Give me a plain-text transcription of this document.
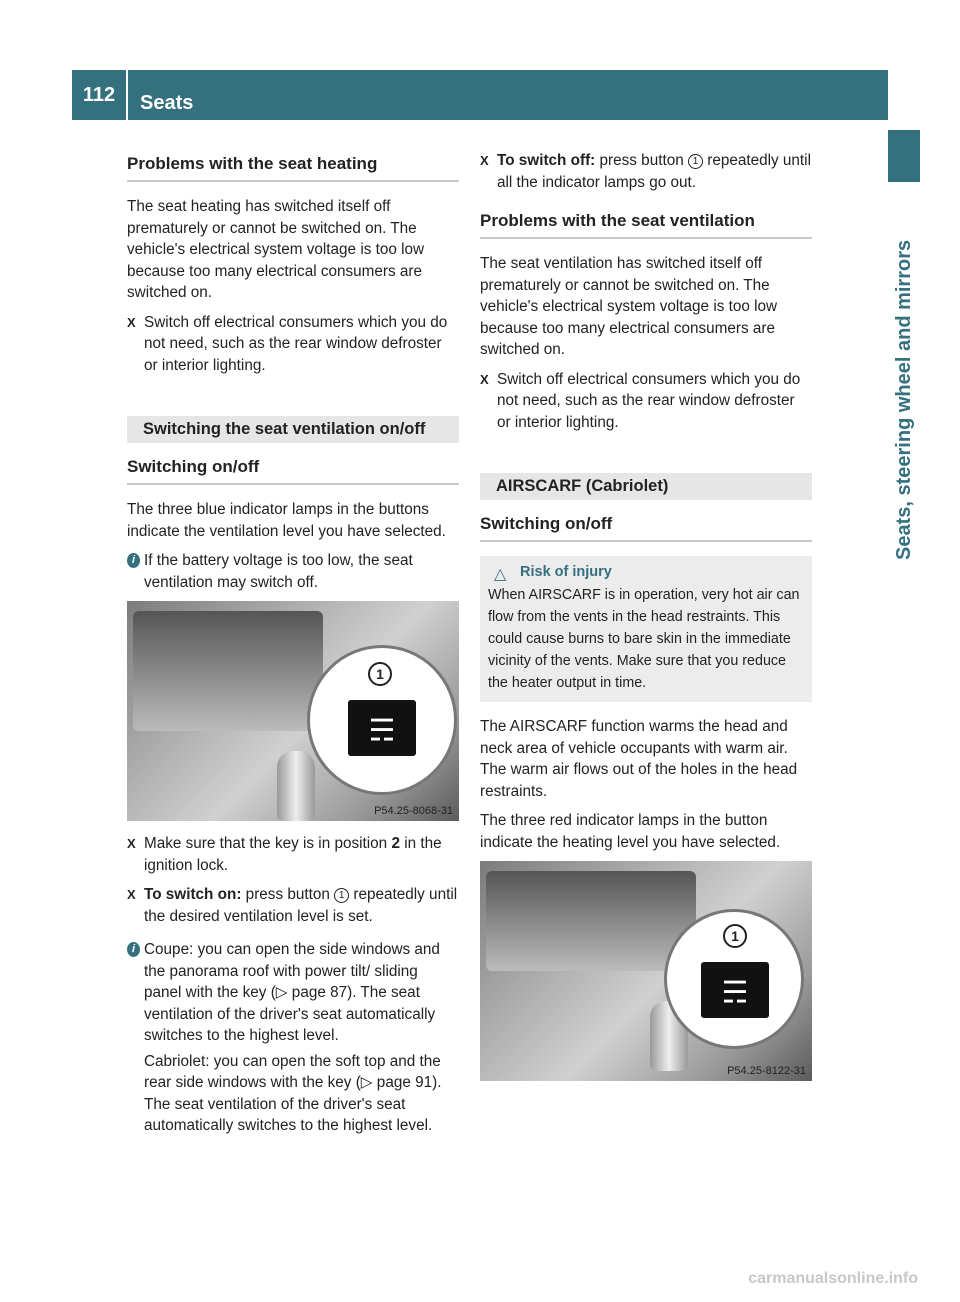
112	Seats
Seats, steering wheel and mirrors
Problems with the seat heating

The seat heating has switched itself off prematurely or cannot be switched on. The vehicle's electrical system voltage is too low because too many electrical consumers are switched on.

X Switch off electrical consumers which you do not need, such as the rear window defroster or interior lighting.
Switching the seat ventilation on/off
Switching on/off

The three blue indicator lamps in the buttons indicate the ventilation level you have selected.

i If the battery voltage is too low, the seat ventilation may switch off.
☴
1
P54.25-8068-31
X Make sure that the key is in position 2 in the ignition lock.
X To switch on: press button 1 repeatedly until the desired ventilation level is set.
i Coupe: you can open the side windows and the panorama roof with power tilt/ sliding panel with the key (▷ page 87). The seat ventilation of the driver's seat automatically switches to the highest level.

Cabriolet: you can open the soft top and the rear side windows with the key (▷ page 91). The seat ventilation of the driver's seat automatically switches to the highest level.

X To switch off: press button 1 repeatedly until all the indicator lamps go out.
Problems with the seat ventilation

The seat ventilation has switched itself off prematurely or cannot be switched on. The vehicle's electrical system voltage is too low because too many electrical consumers are switched on.

X Switch off electrical consumers which you do not need, such as the rear window defroster or interior lighting.
AIRSCARF (Cabriolet)
Switching on/off
△ Risk of injury

When AIRSCARF is in operation, very hot air can flow from the vents in the head restraints. This could cause burns to bare skin in the immediate vicinity of the vents. Make sure that you reduce the heater output in time.

The AIRSCARF function warms the head and neck area of vehicle occupants with warm air. The warm air flows out of the holes in the head restraints.

The three red indicator lamps in the button indicate the heating level you have selected.

☴
1
P54.25-8122-31
carmanualsonline.info
